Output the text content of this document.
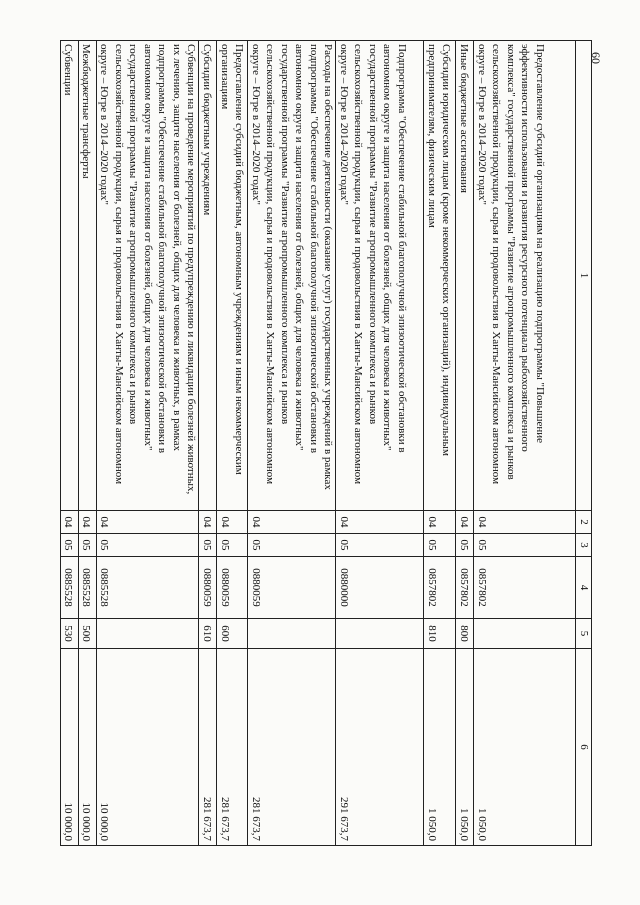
60
1	2	3	4	5	6
Предоставление субсидий организациям на реализацию подпрограммы "Повышение эффективности использования и развития ресурсного потенциала рыбохозяйственного комплекса" государственной программы "Развитие агропромышленного комплекса и рынков сельскохозяйственной продукции, сырья и продовольствия в Ханты-Мансийском автономном округе – Югре в 2014–2020 годах"	04	05	0857802		1 050,0
Иные бюджетные ассигнования	04	05	0857802	800	1 050,0
Субсидии юридическим лицам (кроме некоммерческих организаций), индивидуальным предпринимателям, физическим лицам	04	05	0857802	810	1 050,0
Подпрограмма "Обеспечение стабильной благополучной эпизоотической обстановки в автономном округе и защита населения от болезней, общих для человека и животных" государственной программы "Развитие агропромышленного комплекса и рынков сельскохозяйственной продукции, сырья и продовольствия в Ханты-Мансийском автономном округе – Югре в 2014–2020 годах"	04	05	0880000		291 673,7
Расходы на обеспечение деятельности (оказание услуг) государственных учреждений в рамках подпрограммы "Обеспечение стабильной благополучной эпизоотической обстановки в автономном округе и защита населения от болезней, общих для человека и животных" государственной программы "Развитие агропромышленного комплекса и рынков сельскохозяйственной продукции, сырья и продовольствия в Ханты-Мансийском автономном округе – Югре в 2014–2020 годах"	04	05	0880059		281 673,7
Предоставление субсидий бюджетным, автономным учреждениям и иным некоммерческим организациям	04	05	0880059	600	281 673,7
Субсидии бюджетным учреждениям	04	05	0880059	610	281 673,7
Субвенции на проведение мероприятий по предупреждению и ликвидации болезней животных, их лечению, защите населения от болезней, общих для человека и животных, в рамках подпрограммы "Обеспечение стабильной благополучной эпизоотической обстановки в автономном округе и защита населения от болезней, общих для человека и животных" государственной программы "Развитие агропромышленного комплекса и рынков сельскохозяйственной продукции, сырья и продовольствия в Ханты-Мансийском автономном округе – Югре в 2014–2020 годах"	04	05	0885528		10 000,0
Межбюджетные трансферты	04	05	0885528	500	10 000,0
Субвенции	04	05	0885528	530	10 000,0
